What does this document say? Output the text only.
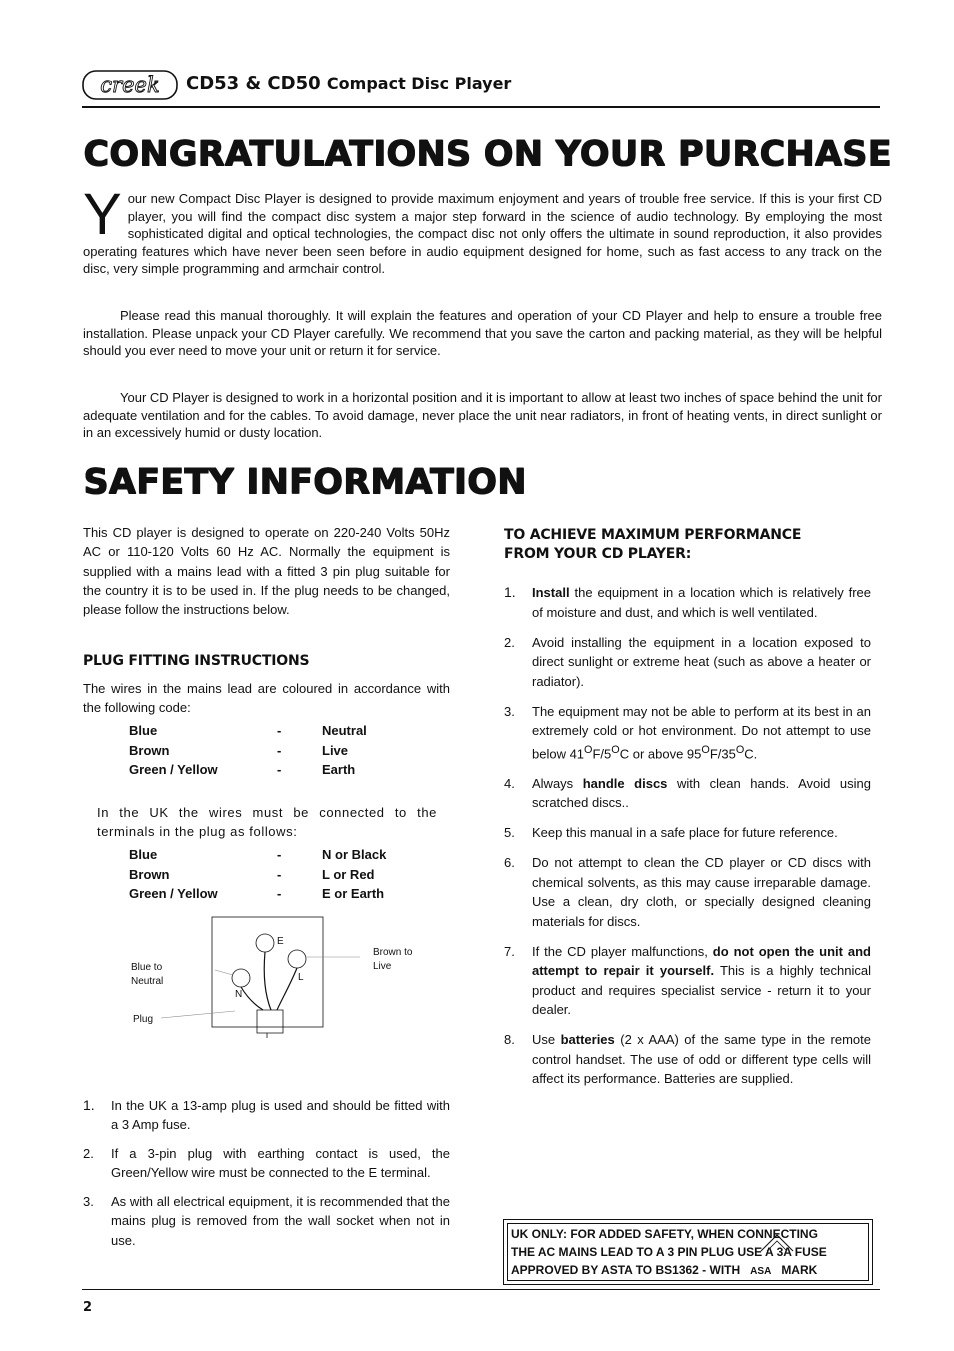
creek CD53 & CD50 Compact Disc Player
CONGRATULATIONS ON YOUR PURCHASE

Your new Compact Disc Player is designed to provide maximum enjoyment and years of trouble free service. If this is your first CD player, you will find the compact disc system a major step forward in the science of audio technology. By employing the most sophisticated digital and optical technologies, the compact disc not only offers the ultimate in sound reproduction, it also provides operating features which have never been seen before in audio equipment designed for home, such as fast access to any track on the disc, very simple programming and armchair control.

Please read this manual thoroughly. It will explain the features and operation of your CD Player and help to ensure a trouble free installation. Please unpack your CD Player carefully. We recommend that you save the carton and packing material, as they will be helpful should you ever need to move your unit or return it for service.

Your CD Player is designed to work in a horizontal position and it is important to allow at least two inches of space behind the unit for adequate ventilation and for the cables. To avoid damage, never place the unit near radiators, in front of heating vents, in direct sunlight or in an excessively humid or dusty location.

SAFETY INFORMATION

This CD player is designed to operate on 220-240 Volts 50Hz AC or 110-120 Volts 60 Hz AC. Normally the equipment is supplied with a mains lead with a fitted 3 pin plug suitable for the country it is to be used in. If the plug needs to be changed, please follow the instructions below.

PLUG FITTING INSTRUCTIONS

The wires in the mains lead are coloured in accordance with the following code:

Blue	-	Neutral
Brown	-	Live
Green / Yellow	-	Earth

In the UK the wires must be connected to the terminals in the plug as follows:

Blue	-	N or Black
Brown	-	L or Red
Green / Yellow	-	E or Earth
E
L
N
Blue to
Neutral
Brown to
Live
Plug
1. In the UK a 13-amp plug is used and should be fitted with a 3 Amp fuse.
2. If a 3-pin plug with earthing contact is used, the Green/Yellow wire must be connected to the E terminal.
3. As with all electrical equipment, it is recommended that the mains plug is removed from the wall socket when not in use.
TO ACHIEVE MAXIMUM PERFORMANCE
FROM YOUR CD PLAYER:
1. Install the equipment in a location which is relatively free of moisture and dust, and which is well ventilated.
2. Avoid installing the equipment in a location exposed to direct sunlight or extreme heat (such as above a heater or radiator).
3. The equipment may not be able to perform at its best in an extremely cold or hot environment. Do not attempt to use below $41^OF/5^OC$ or above $95^OF/35^OC$.
4. Always handle discs with clean hands. Avoid using scratched discs..
5. Keep this manual in a safe place for future reference.
6. Do not attempt to clean the CD player or CD discs with chemical solvents, as this may cause irreparable damage. Use a clean, dry cloth, or specially designed cleaning materials for discs.
7. If the CD player malfunctions, do not open the unit and attempt to repair it yourself. This is a highly technical product and requires specialist service - return it to your dealer.
8. Use batteries (2 x AAA) of the same type in the remote control handset. The use of odd or different type cells will affect its performance. Batteries are supplied.
UK ONLY: FOR ADDED SAFETY, WHEN CONNECTING
THE AC MAINS LEAD TO A 3 PIN PLUG USE A 3A FUSE
APPROVED BY ASTA TO BS1362 - WITH ASA MARK
2
